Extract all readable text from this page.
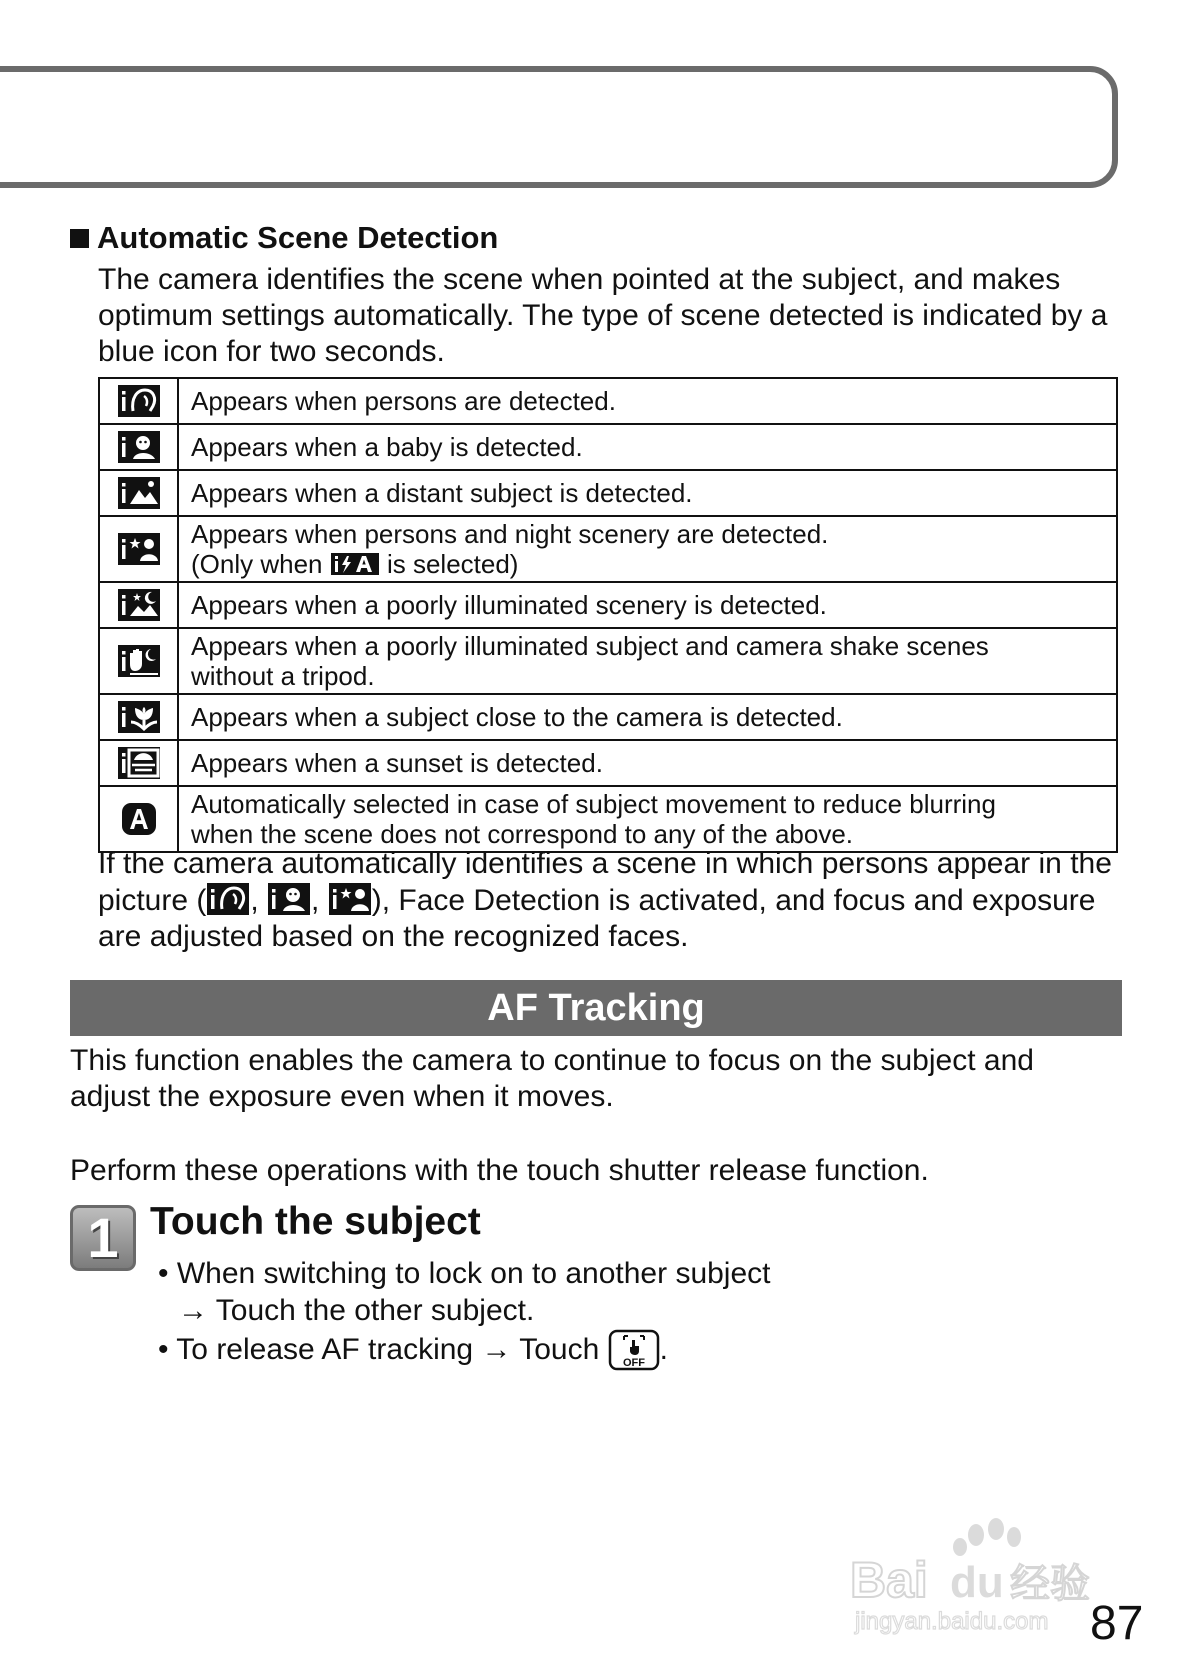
Automatic Scene Detection
The camera identifies the scene when pointed at the subject, and makes optimum settings automatically. The type of scene detected is indicated by a blue icon for two seconds.
	Appears when persons are detected.

	Appears when a baby is detected.

	Appears when a distant subject is detected.

Appears when persons and night scenery are detected.
(Only when is selected)

	Appears when a poorly illuminated scenery is detected.

Appears when a poorly illuminated subject and camera shake scenes
without a tripod.

	Appears when a subject close to the camera is detected.

	Appears when a sunset is detected.

Automatically selected in case of subject movement to reduce blurring
when the scene does not correspond to any of the above.
If the camera automatically identifies a scene in which persons appear in the picture ( ,
,
), Face Detection is activated, and focus and exposure are adjusted based on the recognized faces.
AF Tracking
This function enables the camera to continue to focus on the subject and adjust the exposure even when it moves.
Perform these operations with the touch shutter release function.
1 Touch the subject
• When switching to lock on to another subject
→ Touch the other subject.
• To release AF tracking → Touch OFF .
Bai du 经验
jingyan.baidu.com 87
